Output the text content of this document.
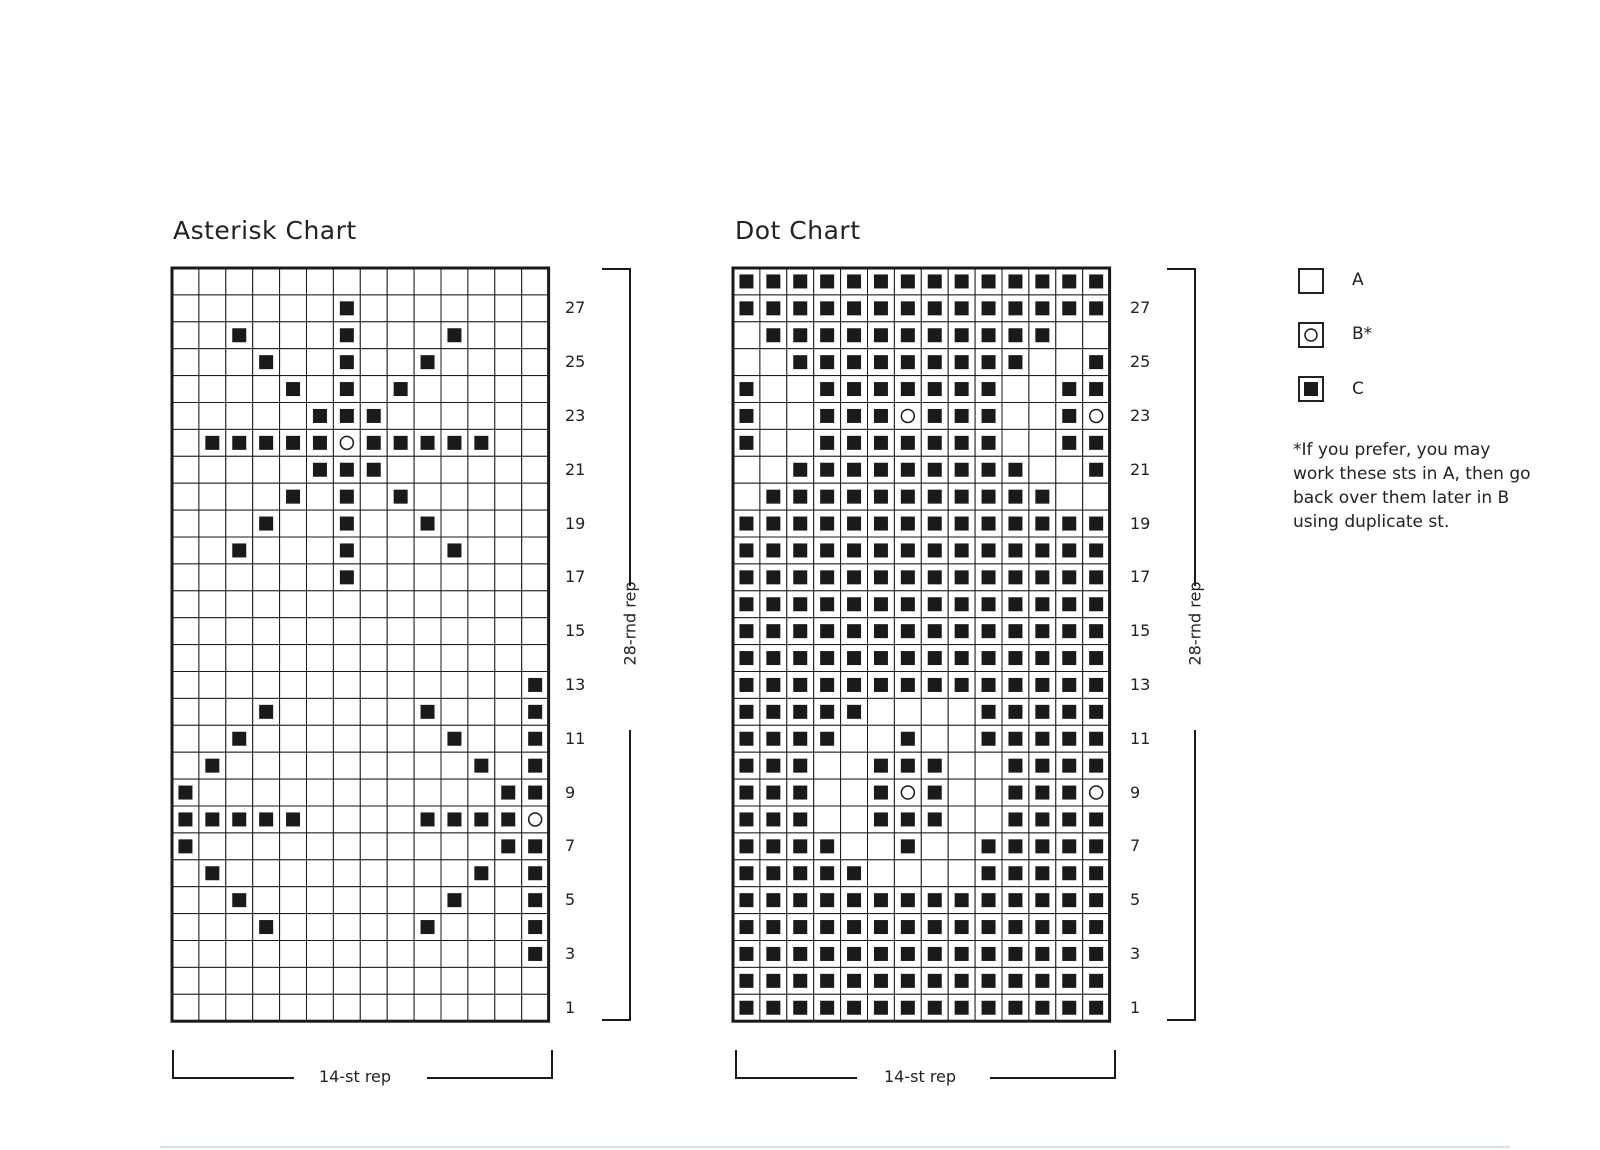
Asterisk Chart	Dot Chart
27
25
23
21
19
17
15
13
11
9
7
5
3
1
27
25
23
21
19
17
15
13
11
9
7
5
3
1
28-rnd rep	28-rnd rep
14-st rep	14-st rep
A
B*
C
*If you prefer, you may work these sts in A, then go back over them later in B using duplicate st.
